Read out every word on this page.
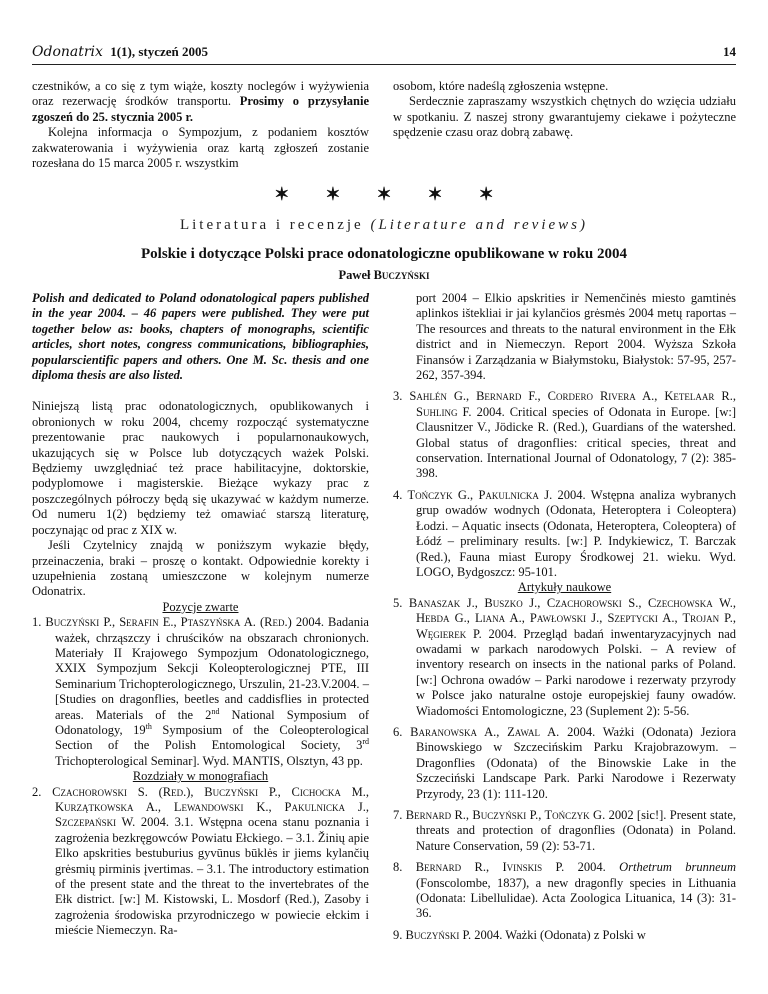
Odonatrix 1(1), styczeń 2005	14

czestników, a co się z tym wiąże, koszty noclegów i wyżywienia oraz rezerwację środków transportu. Prosimy o przysyłanie zgoszeń do 25. stycznia 2005 r.

Kolejna informacja o Sympozjum, z podaniem kosztów zakwaterowania i wyżywienia oraz kartą zgłoszeń zostanie rozesłana do 15 marca 2005 r. wszystkim

osobom, które nadeślą zgłoszenia wstępne.

Serdecznie zapraszamy wszystkich chętnych do wzięcia udziału w spotkaniu. Z naszej strony gwarantujemy ciekawe i pożyteczne spędzenie czasu oraz dobrą zabawę.

✶ ✶ ✶ ✶ ✶
Literatura i recenzje (Literature and reviews)
Polskie i dotyczące Polski prace odonatologiczne opublikowane w roku 2004
Paweł Buczyński

Polish and dedicated to Poland odonatological papers published in the year 2004. – 46 papers were published. They were put together below as: books, chapters of monographs, scientific articles, short notes, congress communications, bibliographies, popularscientific papers and others. One M. Sc. thesis and one diploma thesis are also listed.

Niniejszą listą prac odonatologicznych, opublikowanych i obronionych w roku 2004, chcemy rozpocząć systematyczne prezentowanie prac naukowych i popularnonaukowych, ukazujących się w Polsce lub dotyczących ważek Polski. Będziemy uwzględniać też prace habilitacyjne, doktorskie, podyplomowe i magisterskie. Bieżące wykazy prac z poszczególnych półroczy będą się ukazywać w każdym numerze. Od numeru 1(2) będziemy też omawiać starszą literaturę, poczynając od prac z XIX w.

Jeśli Czytelnicy znajdą w poniższym wykazie błędy, przeinaczenia, braki – proszę o kontakt. Odpowiednie korekty i uzupełnienia zostaną umieszczone w kolejnym numerze Odonatrix.

Pozycje zwarte

1. Buczyński P., Serafin E., Ptaszyńska A. (Red.) 2004. Badania ważek, chrząszczy i chruścików na obszarach chronionych. Materiały II Krajowego Sympozjum Odonatologicznego, XXIX Sympozjum Sekcji Koleopterologicznej PTE, III Seminarium Trichopterologicznego, Urszulin, 21-23.V.2004. – [Studies on dragonflies, beetles and caddisflies in protected areas. Materials of the 2nd National Symposium of Odonatology, 19th Symposium of the Coleopterological Section of the Polish Entomological Society, 3rd Trichopterological Seminar]. Wyd. MANTIS, Olsztyn, 43 pp.

Rozdziały w monografiach

2. Czachorowski S. (Red.), Buczyński P., Cichocka M., Kurzątkowska A., Lewandowski K., Pakulnicka J., Szczepański W. 2004. 3.1. Wstępna ocena stanu poznania i zagrożenia bezkręgowców Powiatu Ełckiego. – 3.1. Žinių apie Elko apskrities bestuburius gyvūnus būklės ir jiems kylančių grėsmių pirminis įvertimas. – 3.1. The introductory estimation of the present state and the threat to the invertebrates of the Ełk district. [w:] M. Kistowski, L. Mosdorf (Red.), Zasoby i zagrożenia środowiska przyrodniczego w powiecie ełckim i mieście Niemeczyn. Ra-

port 2004 – Elkio apskrities ir Nemenčinės miesto gamtinės aplinkos ištekliai ir jai kylančios grėsmės 2004 metų raportas – The resources and threats to the natural environment in the Ełk district and in Niemeczyn. Report 2004. Wyższa Szkoła Finansów i Zarządzania w Białymstoku, Białystok: 57-95, 257-262, 357-394.

3. Sahlén G., Bernard F., Cordero Rivera A., Ketelaar R., Suhling F. 2004. Critical species of Odonata in Europe. [w:] Clausnitzer V., Jödicke R. (Red.), Guardians of the watershed. Global status of dragonflies: critical species, threat and conservation. International Journal of Odonatology, 7 (2): 385-398.

4. Tończyk G., Pakulnicka J. 2004. Wstępna analiza wybranych grup owadów wodnych (Odonata, Heteroptera i Coleoptera) Łodzi. – Aquatic insects (Odonata, Heteroptera, Coleoptera) of Łódź – preliminary results. [w:] P. Indykiewicz, T. Barczak (Red.), Fauna miast Europy Środkowej 21. wieku. Wyd. LOGO, Bydgoszcz: 95-101.

Artykuły naukowe

5. Banaszak J., Buszko J., Czachorowski S., Czechowska W., Hebda G., Liana A., Pawłowski J., Szeptycki A., Trojan P., Węgierek P. 2004. Przegląd badań inwentaryzacyjnych nad owadami w parkach narodowych Polski. – A review of inventory research on insects in the national parks of Poland. [w:] Ochrona owadów – Parki narodowe i rezerwaty przyrody w Polsce jako naturalne ostoje europejskiej fauny owadów. Wiadomości Entomologiczne, 23 (Suplement 2): 5-56.

6. Baranowska A., Zawal A. 2004. Ważki (Odonata) Jeziora Binowskiego w Szczecińskim Parku Krajobrazowym. – Dragonflies (Odonata) of the Binowskie Lake in the Szczeciński Landscape Park. Parki Narodowe i Rezerwaty Przyrody, 23 (1): 111-120.

7. Bernard R., Buczyński P., Tończyk G. 2002 [sic!]. Present state, threats and protection of dragonflies (Odonata) in Poland. Nature Conservation, 59 (2): 53-71.

8. Bernard R., Ivinskis P. 2004. Orthetrum brunneum (Fonscolombe, 1837), a new dragonfly species in Lithuania (Odonata: Libellulidae). Acta Zoologica Lituanica, 14 (3): 31-36.

9. Buczyński P. 2004. Ważki (Odonata) z Polski w
